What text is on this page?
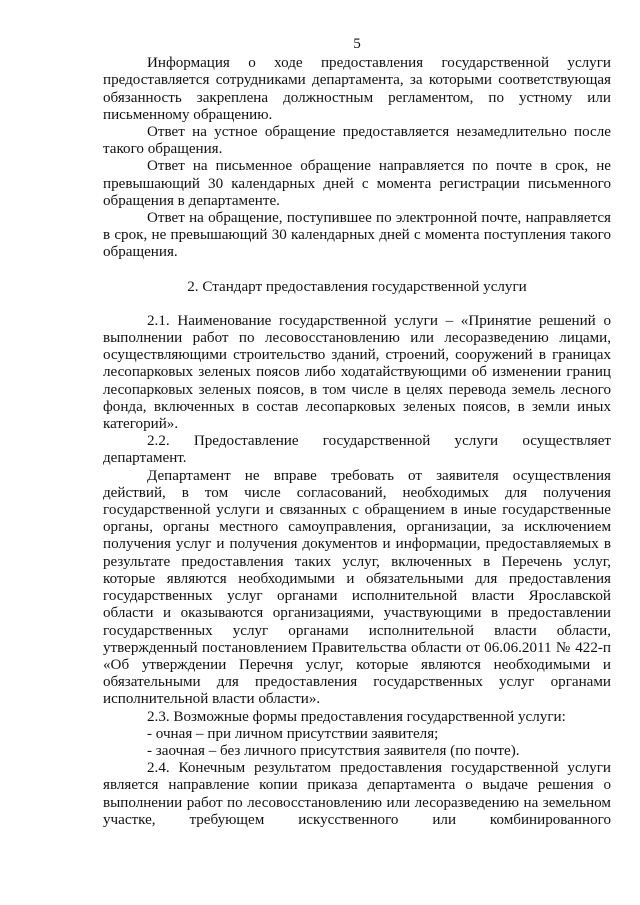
5

Информация о ходе предоставления государственной услуги предоставляется сотрудниками департамента, за которыми соответствующая обязанность закреплена должностным регламентом, по устному или письменному обращению.

Ответ на устное обращение предоставляется незамедлительно после такого обращения.

Ответ на письменное обращение направляется по почте в срок, не превышающий 30 календарных дней с момента регистрации письменного обращения в департаменте.

Ответ на обращение, поступившее по электронной почте, направляется в срок, не превышающий 30 календарных дней с момента поступления такого обращения.

2. Стандарт предоставления государственной услуги

2.1. Наименование государственной услуги – «Принятие решений о выполнении работ по лесовосстановлению или лесоразведению лицами, осуществляющими строительство зданий, строений, сооружений в границах лесопарковых зеленых поясов либо ходатайствующими об изменении границ лесопарковых зеленых поясов, в том числе в целях перевода земель лесного фонда, включенных в состав лесопарковых зеленых поясов, в земли иных категорий».

2.2. Предоставление государственной услуги осуществляет департамент.

Департамент не вправе требовать от заявителя осуществления действий, в том числе согласований, необходимых для получения государственной услуги и связанных с обращением в иные государственные органы, органы местного самоуправления, организации, за исключением получения услуг и получения документов и информации, предоставляемых в результате предоставления таких услуг, включенных в Перечень услуг, которые являются необходимыми и обязательными для предоставления государственных услуг органами исполнительной власти Ярославской области и оказываются организациями, участвующими в предоставлении государственных услуг органами исполнительной власти области, утвержденный постановлением Правительства области от 06.06.2011 № 422-п «Об утверждении Перечня услуг, которые являются необходимыми и обязательными для предоставления государственных услуг органами исполнительной власти области».

2.3. Возможные формы предоставления государственной услуги:

- очная – при личном присутствии заявителя;

- заочная – без личного присутствия заявителя (по почте).

2.4. Конечным результатом предоставления государственной услуги является направление копии приказа департамента о выдаче решения о выполнении работ по лесовосстановлению или лесоразведению на земельном участке, требующем искусственного или комбинированного
